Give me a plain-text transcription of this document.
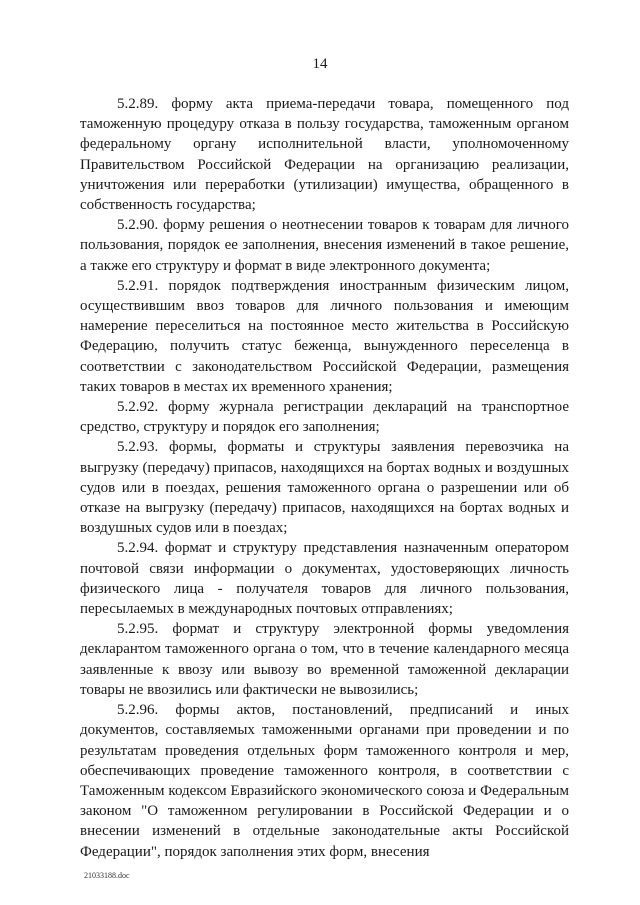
14

5.2.89. форму акта приема-передачи товара, помещенного под таможенную процедуру отказа в пользу государства, таможенным органом федеральному органу исполнительной власти, уполномоченному Правительством Российской Федерации на организацию реализации, уничтожения или переработки (утилизации) имущества, обращенного в собственность государства;

5.2.90. форму решения о неотнесении товаров к товарам для личного пользования, порядок ее заполнения, внесения изменений в такое решение, а также его структуру и формат в виде электронного документа;

5.2.91. порядок подтверждения иностранным физическим лицом, осуществившим ввоз товаров для личного пользования и имеющим намерение переселиться на постоянное место жительства в Российскую Федерацию, получить статус беженца, вынужденного переселенца в соответствии с законодательством Российской Федерации, размещения таких товаров в местах их временного хранения;

5.2.92. форму журнала регистрации деклараций на транспортное средство, структуру и порядок его заполнения;

5.2.93. формы, форматы и структуры заявления перевозчика на выгрузку (передачу) припасов, находящихся на бортах водных и воздушных судов или в поездах, решения таможенного органа о разрешении или об отказе на выгрузку (передачу) припасов, находящихся на бортах водных и воздушных судов или в поездах;

5.2.94. формат и структуру представления назначенным оператором почтовой связи информации о документах, удостоверяющих личность физического лица - получателя товаров для личного пользования, пересылаемых в международных почтовых отправлениях;

5.2.95. формат и структуру электронной формы уведомления декларантом таможенного органа о том, что в течение календарного месяца заявленные к ввозу или вывозу во временной таможенной декларации товары не ввозились или фактически не вывозились;

5.2.96. формы актов, постановлений, предписаний и иных документов, составляемых таможенными органами при проведении и по результатам проведения отдельных форм таможенного контроля и мер, обеспечивающих проведение таможенного контроля, в соответствии с Таможенным кодексом Евразийского экономического союза и Федеральным законом "О таможенном регулировании в Российской Федерации и о внесении изменений в отдельные законодательные акты Российской Федерации", порядок заполнения этих форм, внесения

21033188.doc
